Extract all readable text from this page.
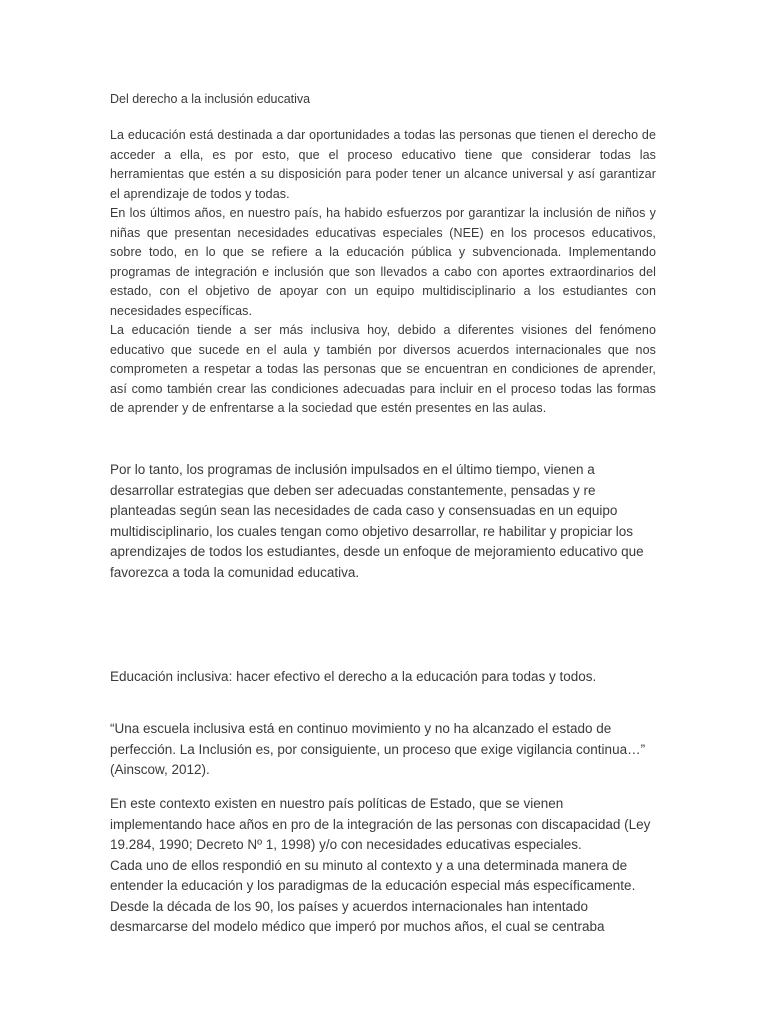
Del derecho a la inclusión educativa

La educación está destinada a dar oportunidades a todas las personas que tienen el derecho de acceder a ella, es por esto, que el proceso educativo tiene que considerar todas las herramientas que estén a su disposición para poder tener un alcance universal y así garantizar el aprendizaje de todos y todas.

En los últimos años, en nuestro país, ha habido esfuerzos por garantizar la inclusión de niños y niñas que presentan necesidades educativas especiales (NEE) en los procesos educativos, sobre todo, en lo que se refiere a la educación pública y subvencionada. Implementando programas de integración e inclusión que son llevados a cabo con aportes extraordinarios del estado, con el objetivo de apoyar con un equipo multidisciplinario a los estudiantes con necesidades específicas.

La educación tiende a ser más inclusiva hoy, debido a diferentes visiones del fenómeno educativo que sucede en el aula y también por diversos acuerdos internacionales que nos comprometen a respetar a todas las personas que se encuentran en condiciones de aprender, así como también crear las condiciones adecuadas para incluir en el proceso todas las formas de aprender y de enfrentarse a la sociedad que estén presentes en las aulas.

Por lo tanto, los programas de inclusión impulsados en el último tiempo, vienen a desarrollar estrategias que deben ser adecuadas constantemente, pensadas y re planteadas según sean las necesidades de cada caso y consensuadas en un equipo multidisciplinario, los cuales tengan como objetivo desarrollar, re habilitar y propiciar los aprendizajes de todos los estudiantes, desde un enfoque de mejoramiento educativo que favorezca a toda la comunidad educativa.

Educación inclusiva: hacer efectivo el derecho a la educación para todas y todos.

“Una escuela inclusiva está en continuo movimiento y no ha alcanzado el estado de perfección. La Inclusión es, por consiguiente, un proceso que exige vigilancia continua…” (Ainscow, 2012).

En este contexto existen en nuestro país políticas de Estado, que se vienen implementando hace años en pro de la integración de las personas con discapacidad (Ley 19.284, 1990; Decreto Nº 1, 1998) y/o con necesidades educativas especiales.

Cada uno de ellos respondió en su minuto al contexto y a una determinada manera de entender la educación y los paradigmas de la educación especial más específicamente.

Desde la década de los 90, los países y acuerdos internacionales han intentado desmarcarse del modelo médico que imperó por muchos años, el cual se centraba
